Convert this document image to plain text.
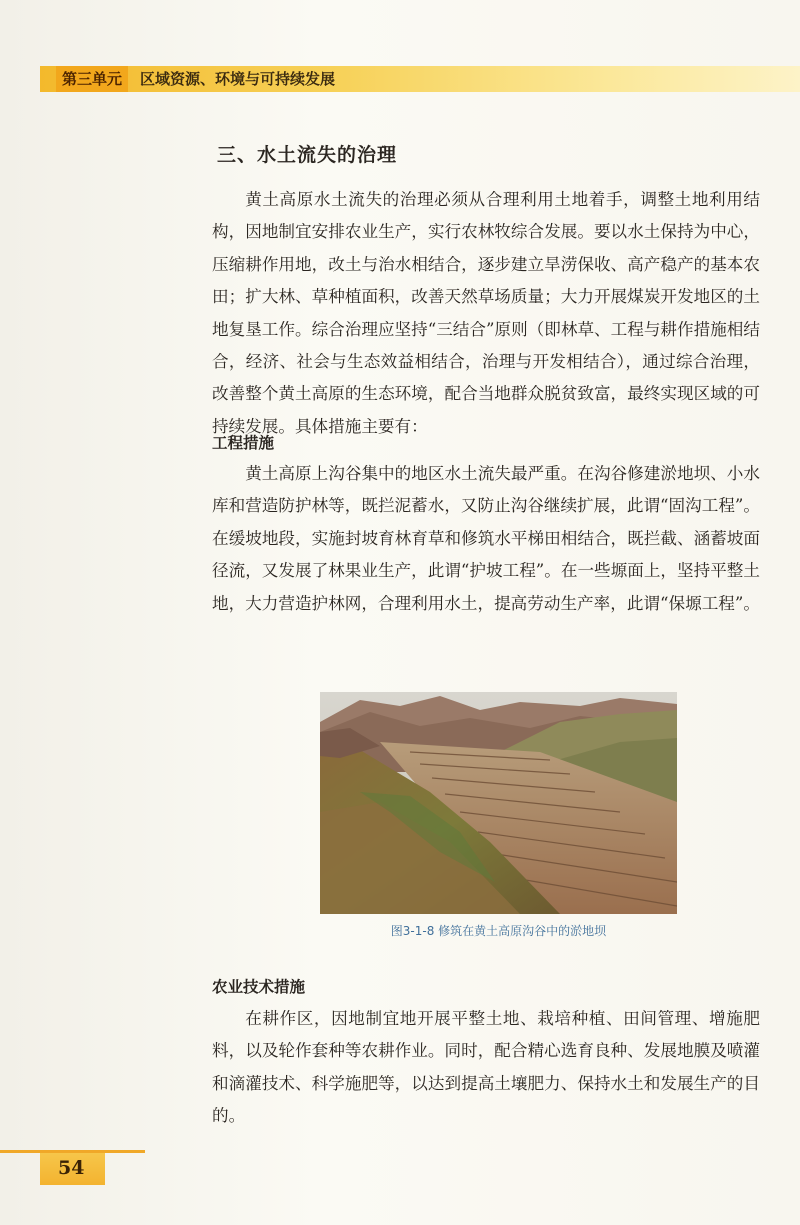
第三单元	区域资源、环境与可持续发展
三、水土流失的治理

黄土高原水土流失的治理必须从合理利用土地着手，调整土地利用结构，因地制宜安排农业生产，实行农林牧综合发展。要以水土保持为中心，压缩耕作用地，改土与治水相结合，逐步建立旱涝保收、高产稳产的基本农田；扩大林、草种植面积，改善天然草场质量；大力开展煤炭开发地区的土地复垦工作。综合治理应坚持“三结合”原则（即林草、工程与耕作措施相结合，经济、社会与生态效益相结合，治理与开发相结合），通过综合治理，改善整个黄土高原的生态环境，配合当地群众脱贫致富，最终实现区域的可持续发展。具体措施主要有：

工程措施

黄土高原上沟谷集中的地区水土流失最严重。在沟谷修建淤地坝、小水库和营造防护林等，既拦泥蓄水，又防止沟谷继续扩展，此谓“固沟工程”。在缓坡地段，实施封坡育林育草和修筑水平梯田相结合，既拦截、涵蓄坡面径流，又发展了林果业生产，此谓“护坡工程”。在一些塬面上，坚持平整土地，大力营造护林网，合理利用水土，提高劳动生产率，此谓“保塬工程”。

图3-1-8 修筑在黄土高原沟谷中的淤地坝
农业技术措施

在耕作区，因地制宜地开展平整土地、栽培种植、田间管理、增施肥料，以及轮作套种等农耕作业。同时，配合精心选育良种、发展地膜及喷灌和滴灌技术、科学施肥等，以达到提高土壤肥力、保持水土和发展生产的目的。

54
